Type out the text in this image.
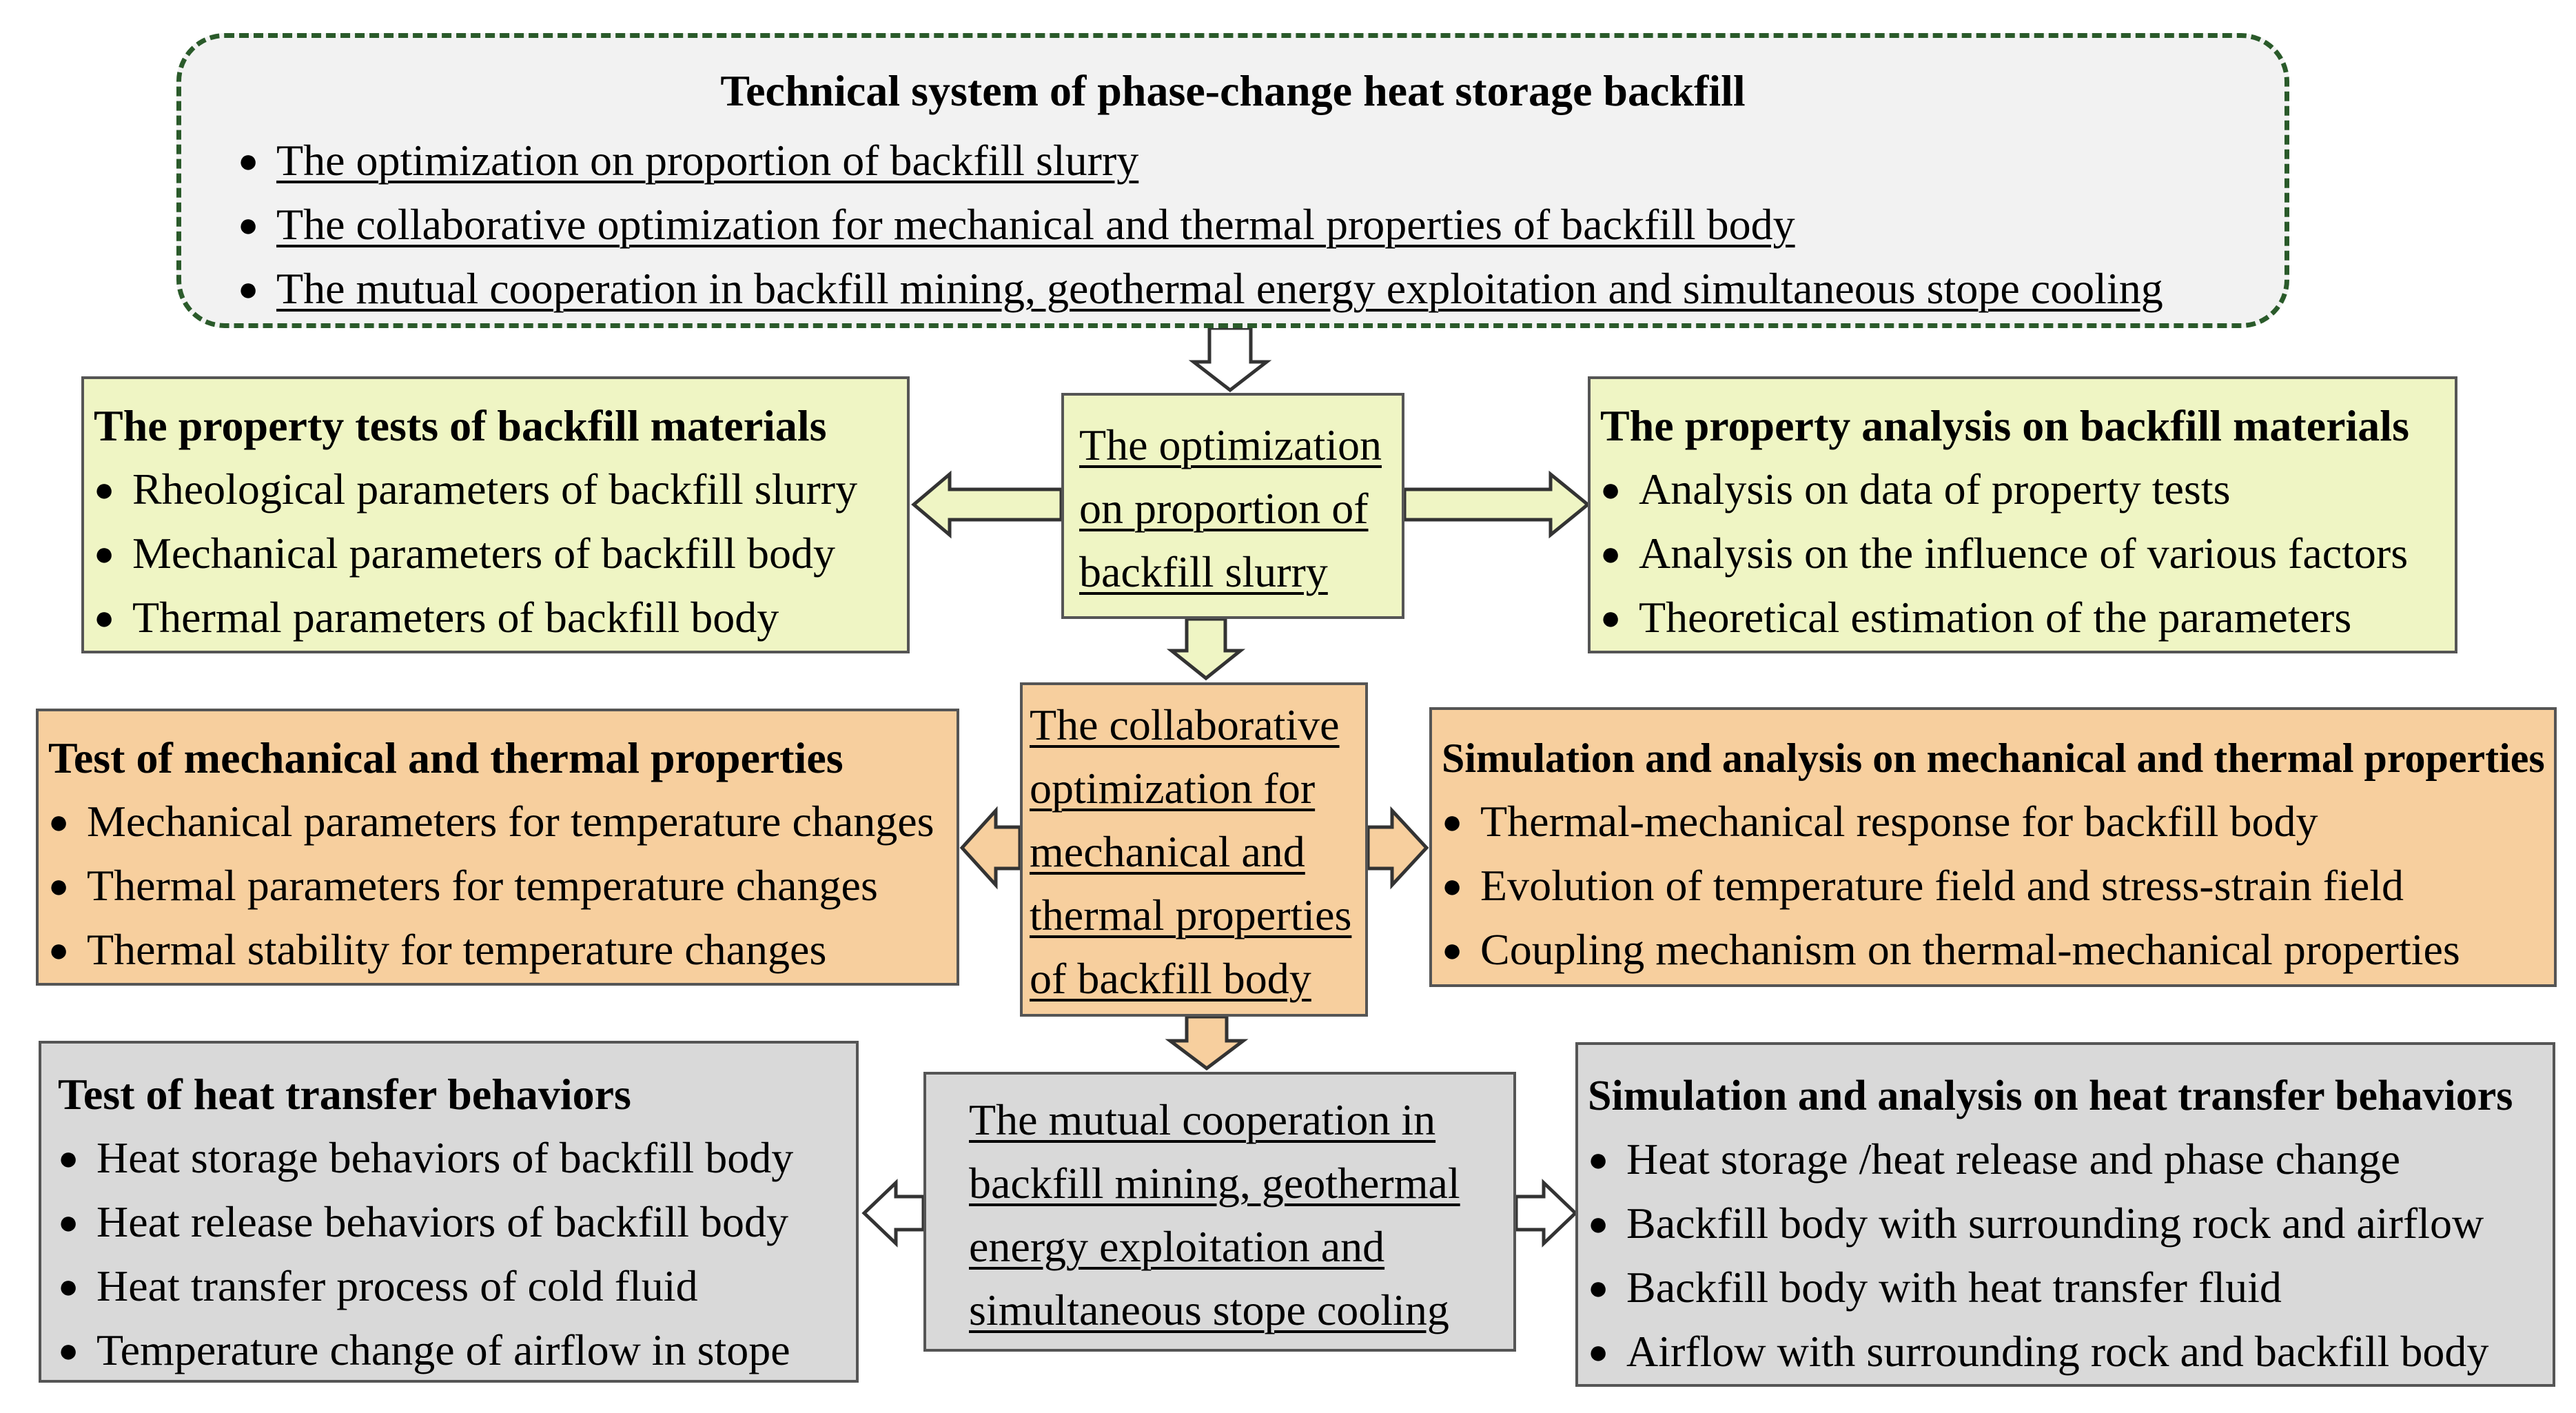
Technical system of phase-change heat storage backfill
● The optimization on proportion of backfill slurry
● The collaborative optimization for mechanical and thermal properties of backfill body
● The mutual cooperation in backfill mining, geothermal energy exploitation and simultaneous stope cooling
The property tests of backfill materials
● Rheological parameters of backfill slurry
● Mechanical parameters of backfill body
● Thermal parameters of backfill body
The optimization
on proportion of
backfill slurry
The property analysis on backfill materials
● Analysis on data of property tests
● Analysis on the influence of various factors
● Theoretical estimation of the parameters
Test of mechanical and thermal properties
● Mechanical parameters for temperature changes
● Thermal parameters for temperature changes
● Thermal stability for temperature changes
The collaborative
optimization for
mechanical and
thermal properties
of backfill body
Simulation and analysis on mechanical and thermal properties
● Thermal-mechanical response for backfill body
● Evolution of temperature field and stress-strain field
● Coupling mechanism on thermal-mechanical properties
Test of heat transfer behaviors
● Heat storage behaviors of backfill body
● Heat release behaviors of backfill body
● Heat transfer process of cold fluid
● Temperature change of airflow in stope
The mutual cooperation in
backfill mining, geothermal
energy exploitation and
simultaneous stope cooling
Simulation and analysis on heat transfer behaviors
● Heat storage /heat release and phase change
● Backfill body with surrounding rock and airflow
● Backfill body with heat transfer fluid
● Airflow with surrounding rock and backfill body
